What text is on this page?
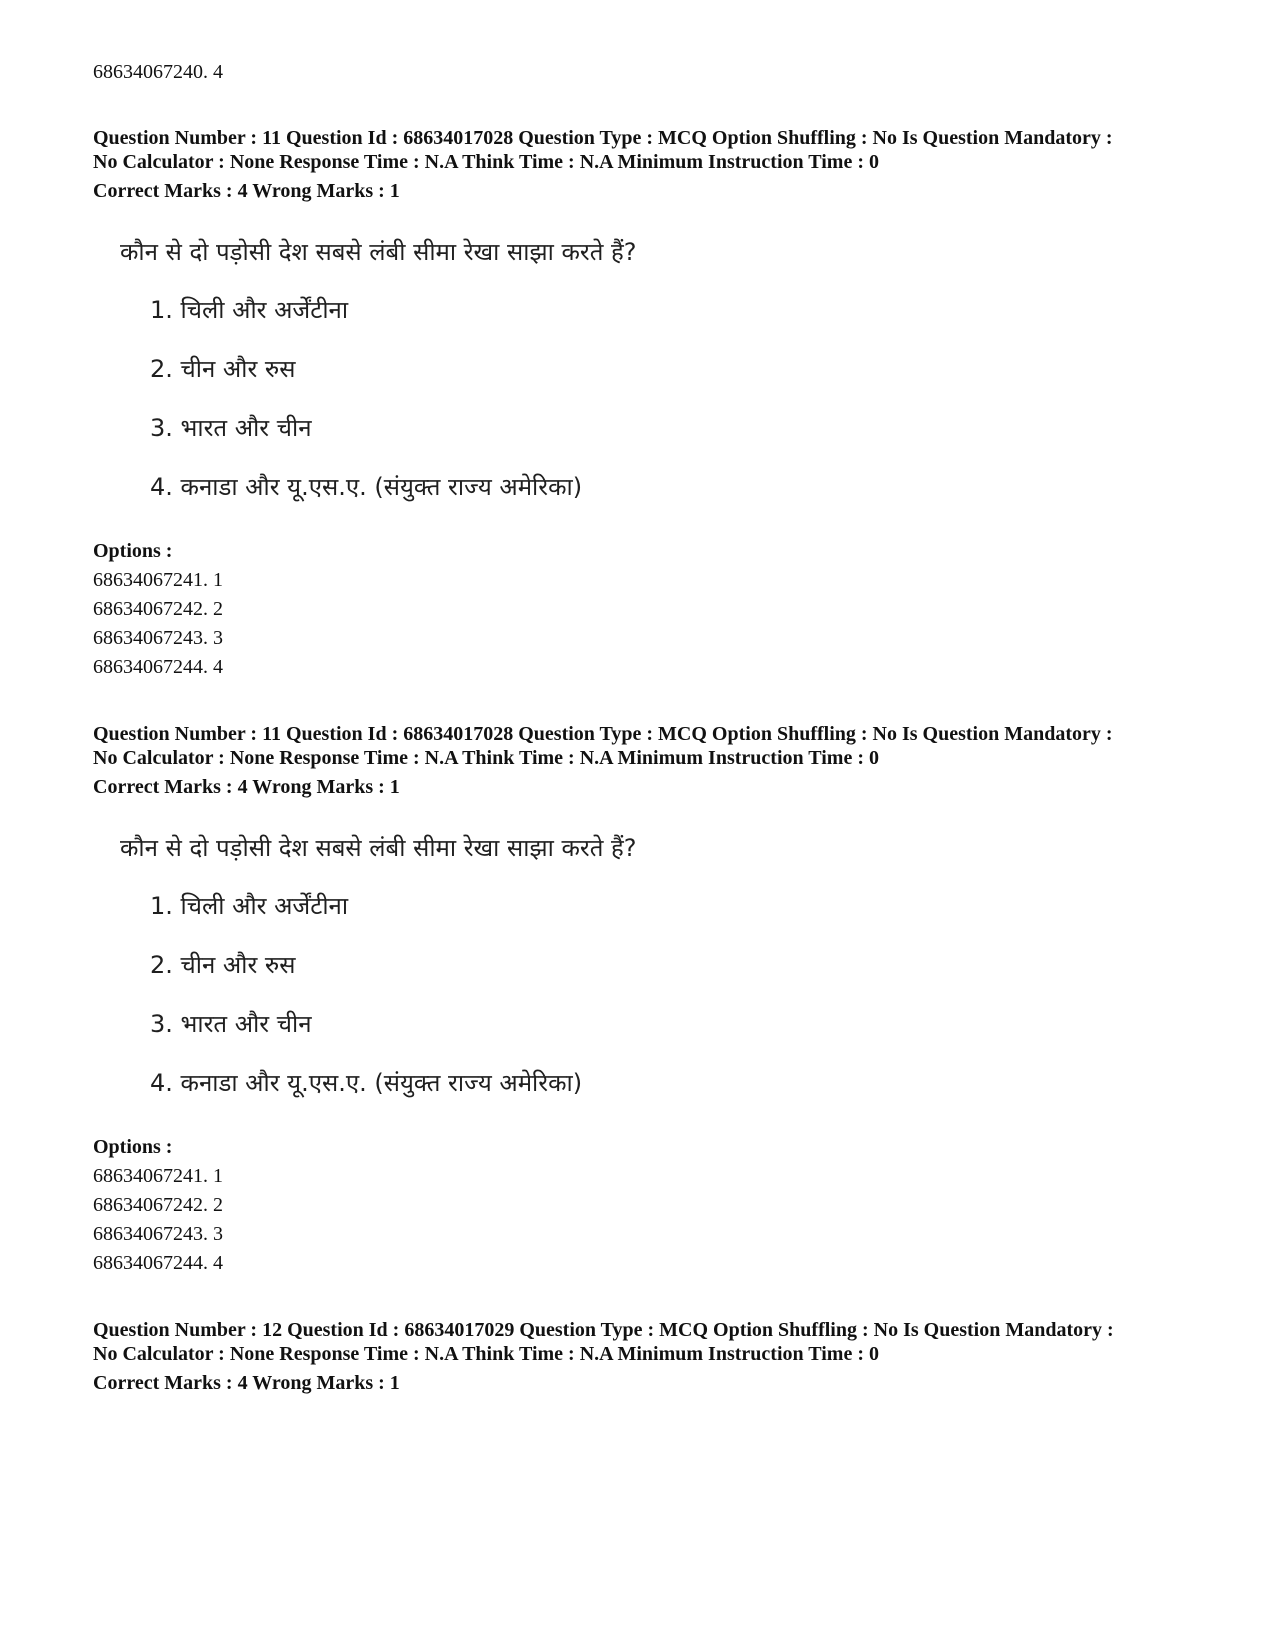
68634067240. 4
Question Number : 11 Question Id : 68634017028 Question Type : MCQ Option Shuffling : No Is Question Mandatory :
No Calculator : None Response Time : N.A Think Time : N.A Minimum Instruction Time : 0
Correct Marks : 4 Wrong Marks : 1
कौन से दो पड़ोसी देश सबसे लंबी सीमा रेखा साझा करते हैं?
1. चिली और अर्जेंटीना
2. चीन और रुस
3. भारत और चीन
4. कनाडा और यू.एस.ए. (संयुक्त राज्य अमेरिका)
Options :
68634067241. 1
68634067242. 2
68634067243. 3
68634067244. 4
Question Number : 11 Question Id : 68634017028 Question Type : MCQ Option Shuffling : No Is Question Mandatory :
No Calculator : None Response Time : N.A Think Time : N.A Minimum Instruction Time : 0
Correct Marks : 4 Wrong Marks : 1
कौन से दो पड़ोसी देश सबसे लंबी सीमा रेखा साझा करते हैं?
1. चिली और अर्जेंटीना
2. चीन और रुस
3. भारत और चीन
4. कनाडा और यू.एस.ए. (संयुक्त राज्य अमेरिका)
Options :
68634067241. 1
68634067242. 2
68634067243. 3
68634067244. 4
Question Number : 12 Question Id : 68634017029 Question Type : MCQ Option Shuffling : No Is Question Mandatory :
No Calculator : None Response Time : N.A Think Time : N.A Minimum Instruction Time : 0
Correct Marks : 4 Wrong Marks : 1
